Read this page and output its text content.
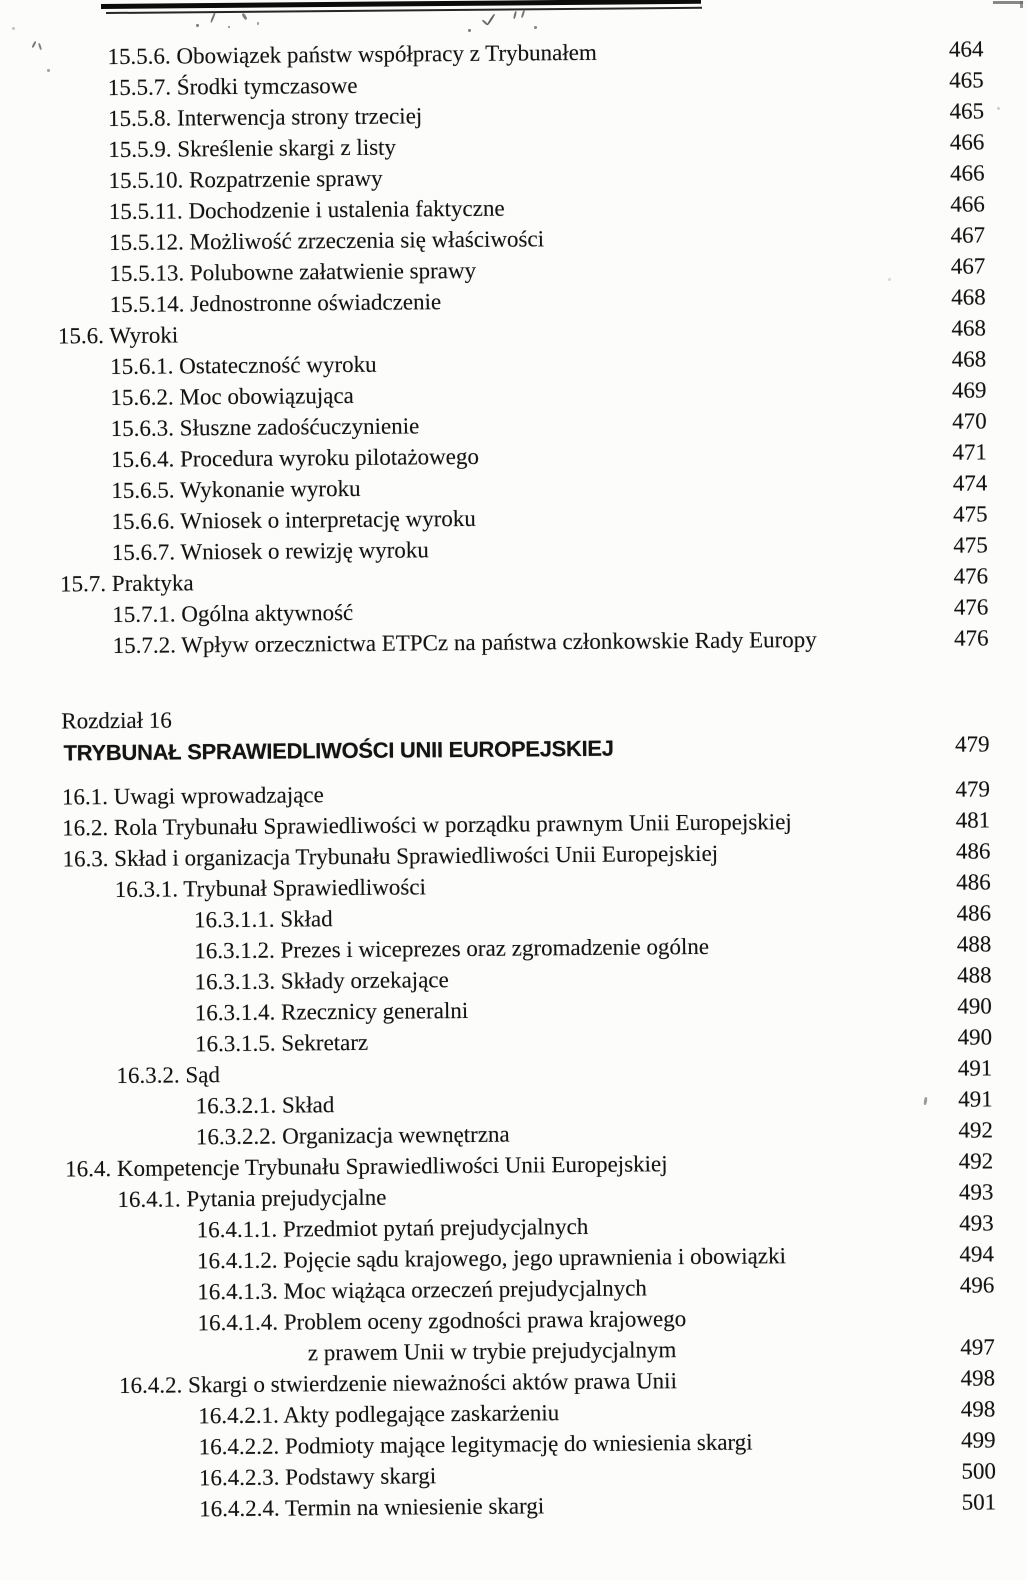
15.5.6. Obowiązek państw współpracy z Trybunałem	464
15.5.7. Środki tymczasowe	465
15.5.8. Interwencja strony trzeciej	465
15.5.9. Skreślenie skargi z listy	466
15.5.10. Rozpatrzenie sprawy	466
15.5.11. Dochodzenie i ustalenia faktyczne	466
15.5.12. Możliwość zrzeczenia się właściwości	467
15.5.13. Polubowne załatwienie sprawy	467
15.5.14. Jednostronne oświadczenie	468
15.6. Wyroki	468
15.6.1. Ostateczność wyroku	468
15.6.2. Moc obowiązująca	469
15.6.3. Słuszne zadośćuczynienie	470
15.6.4. Procedura wyroku pilotażowego	471
15.6.5. Wykonanie wyroku	474
15.6.6. Wniosek o interpretację wyroku	475
15.6.7. Wniosek o rewizję wyroku	475
15.7. Praktyka	476
15.7.1. Ogólna aktywność	476
15.7.2. Wpływ orzecznictwa ETPCz na państwa członkowskie Rady Europy	476
Rozdział 16
TRYBUNAŁ SPRAWIEDLIWOŚCI UNII EUROPEJSKIEJ	479
16.1. Uwagi wprowadzające	479
16.2. Rola Trybunału Sprawiedliwości w porządku prawnym Unii Europejskiej	481
16.3. Skład i organizacja Trybunału Sprawiedliwości Unii Europejskiej	486
16.3.1. Trybunał Sprawiedliwości	486
16.3.1.1. Skład	486
16.3.1.2. Prezes i wiceprezes oraz zgromadzenie ogólne	488
16.3.1.3. Składy orzekające	488
16.3.1.4. Rzecznicy generalni	490
16.3.1.5. Sekretarz	490
16.3.2. Sąd	491
16.3.2.1. Skład	491
16.3.2.2. Organizacja wewnętrzna	492
16.4. Kompetencje Trybunału Sprawiedliwości Unii Europejskiej	492
16.4.1. Pytania prejudycjalne	493
16.4.1.1. Przedmiot pytań prejudycjalnych	493
16.4.1.2. Pojęcie sądu krajowego, jego uprawnienia i obowiązki	494
16.4.1.3. Moc wiążąca orzeczeń prejudycjalnych	496
16.4.1.4. Problem oceny zgodności prawa krajowego
z prawem Unii w trybie prejudycjalnym	497
16.4.2. Skargi o stwierdzenie nieważności aktów prawa Unii	498
16.4.2.1. Akty podlegające zaskarżeniu	498
16.4.2.2. Podmioty mające legitymację do wniesienia skargi	499
16.4.2.3. Podstawy skargi	500
16.4.2.4. Termin na wniesienie skargi	501
